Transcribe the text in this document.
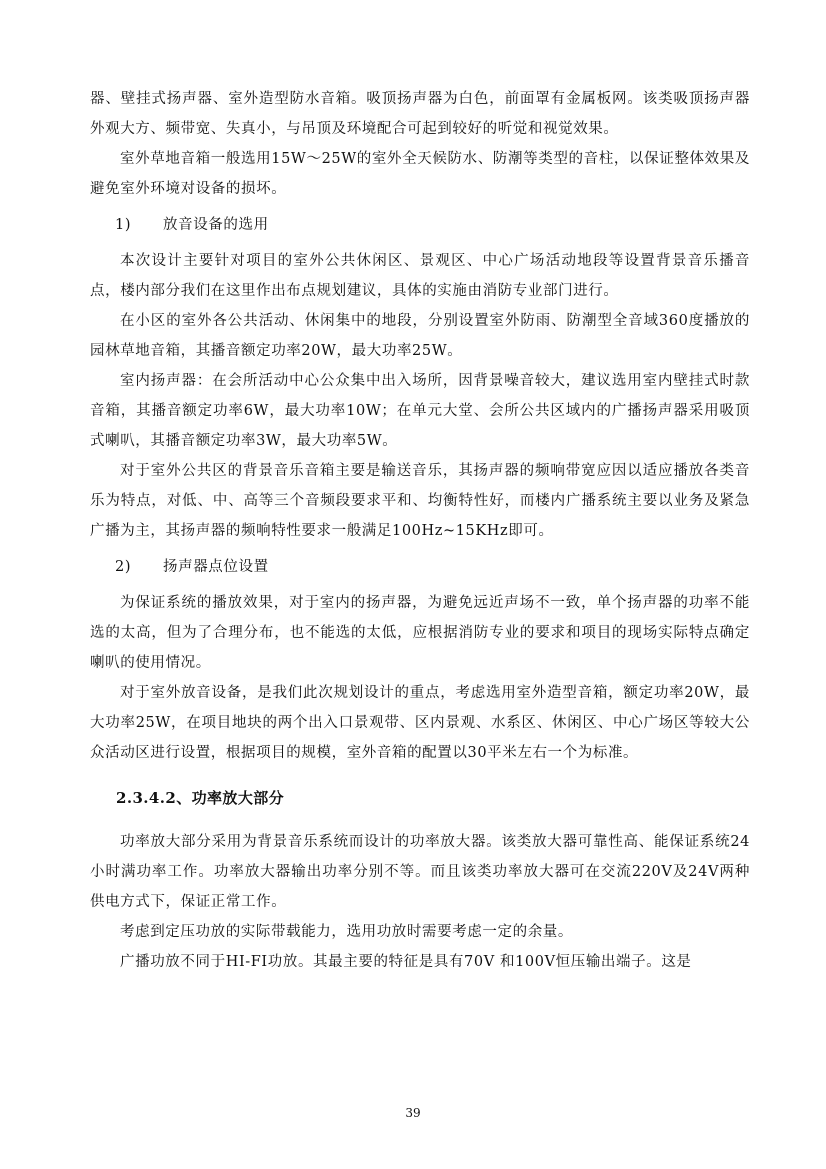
器、壁挂式扬声器、室外造型防水音箱。吸顶扬声器为白色，前面罩有金属板网。该类吸顶扬声器外观大方、频带宽、失真小，与吊顶及环境配合可起到较好的听觉和视觉效果。

室外草地音箱一般选用15W～25W的室外全天候防水、防潮等类型的音柱，以保证整体效果及避免室外环境对设备的损坏。

1) 放音设备的选用

本次设计主要针对项目的室外公共休闲区、景观区、中心广场活动地段等设置背景音乐播音点，楼内部分我们在这里作出布点规划建议，具体的实施由消防专业部门进行。

在小区的室外各公共活动、休闲集中的地段，分别设置室外防雨、防潮型全音域360度播放的园林草地音箱，其播音额定功率20W，最大功率25W。

室内扬声器：在会所活动中心公众集中出入场所，因背景噪音较大，建议选用室内壁挂式时款音箱，其播音额定功率6W，最大功率10W；在单元大堂、会所公共区域内的广播扬声器采用吸顶式喇叭，其播音额定功率3W，最大功率5W。

对于室外公共区的背景音乐音箱主要是输送音乐，其扬声器的频响带宽应因以适应播放各类音乐为特点，对低、中、高等三个音频段要求平和、均衡特性好，而楼内广播系统主要以业务及紧急广播为主，其扬声器的频响特性要求一般满足100Hz~15KHz即可。

2) 扬声器点位设置

为保证系统的播放效果，对于室内的扬声器，为避免远近声场不一致，单个扬声器的功率不能选的太高，但为了合理分布，也不能选的太低，应根据消防专业的要求和项目的现场实际特点确定喇叭的使用情况。

对于室外放音设备，是我们此次规划设计的重点，考虑选用室外造型音箱，额定功率20W，最大功率25W，在项目地块的两个出入口景观带、区内景观、水系区、休闲区、中心广场区等较大公众活动区进行设置，根据项目的规模，室外音箱的配置以30平米左右一个为标准。

2.3.4.2、功率放大部分

功率放大部分采用为背景音乐系统而设计的功率放大器。该类放大器可靠性高、能保证系统24小时满功率工作。功率放大器输出功率分别不等。而且该类功率放大器可在交流220V及24V两种供电方式下，保证正常工作。

考虑到定压功放的实际带载能力，选用功放时需要考虑一定的余量。

广播功放不同于HI-FI功放。其最主要的特征是具有70V 和100V恒压输出端子。这是

39
